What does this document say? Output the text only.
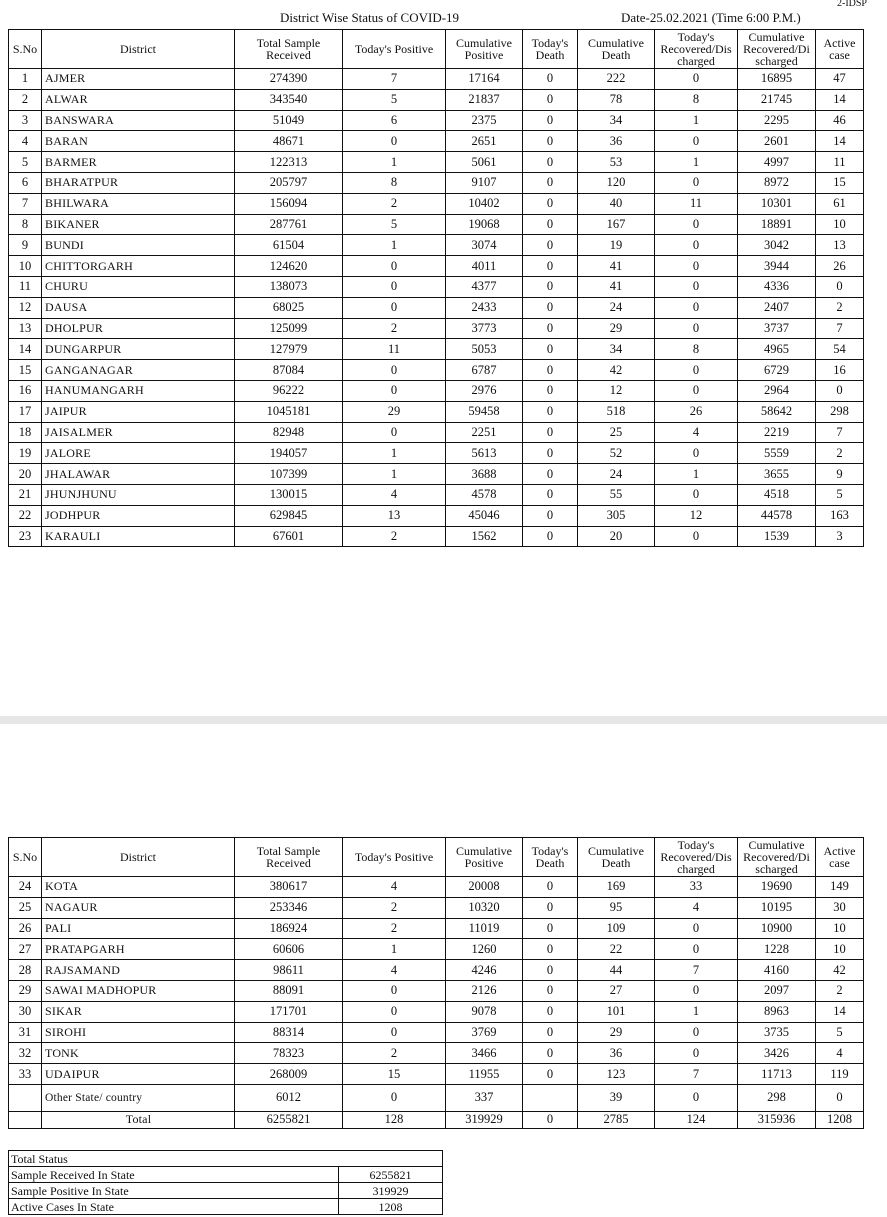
2-IDSP
District Wise Status of COVID-19	Date-25.02.2021 (Time 6:00 P.M.)
S.No	District	Total Sample Received	Today's Positive	Cumulative Positive	Today's Death	Cumulative Death	Today's Recovered/Dis charged	Cumulative Recovered/Di scharged	Active case
1	AJMER	274390	7	17164	0	222	0	16895	47
2	ALWAR	343540	5	21837	0	78	8	21745	14
3	BANSWARA	51049	6	2375	0	34	1	2295	46
4	BARAN	48671	0	2651	0	36	0	2601	14
5	BARMER	122313	1	5061	0	53	1	4997	11
6	BHARATPUR	205797	8	9107	0	120	0	8972	15
7	BHILWARA	156094	2	10402	0	40	11	10301	61
8	BIKANER	287761	5	19068	0	167	0	18891	10
9	BUNDI	61504	1	3074	0	19	0	3042	13
10	CHITTORGARH	124620	0	4011	0	41	0	3944	26
11	CHURU	138073	0	4377	0	41	0	4336	0
12	DAUSA	68025	0	2433	0	24	0	2407	2
13	DHOLPUR	125099	2	3773	0	29	0	3737	7
14	DUNGARPUR	127979	11	5053	0	34	8	4965	54
15	GANGANAGAR	87084	0	6787	0	42	0	6729	16
16	HANUMANGARH	96222	0	2976	0	12	0	2964	0
17	JAIPUR	1045181	29	59458	0	518	26	58642	298
18	JAISALMER	82948	0	2251	0	25	4	2219	7
19	JALORE	194057	1	5613	0	52	0	5559	2
20	JHALAWAR	107399	1	3688	0	24	1	3655	9
21	JHUNJHUNU	130015	4	4578	0	55	0	4518	5
22	JODHPUR	629845	13	45046	0	305	12	44578	163
23	KARAULI	67601	2	1562	0	20	0	1539	3
S.No	District	Total Sample Received	Today's Positive	Cumulative Positive	Today's Death	Cumulative Death	Today's Recovered/Dis charged	Cumulative Recovered/Di scharged	Active case
24	KOTA	380617	4	20008	0	169	33	19690	149
25	NAGAUR	253346	2	10320	0	95	4	10195	30
26	PALI	186924	2	11019	0	109	0	10900	10
27	PRATAPGARH	60606	1	1260	0	22	0	1228	10
28	RAJSAMAND	98611	4	4246	0	44	7	4160	42
29	SAWAI MADHOPUR	88091	0	2126	0	27	0	2097	2
30	SIKAR	171701	0	9078	0	101	1	8963	14
31	SIROHI	88314	0	3769	0	29	0	3735	5
32	TONK	78323	2	3466	0	36	0	3426	4
33	UDAIPUR	268009	15	11955	0	123	7	11713	119
	Other State/ country	6012	0	337		39	0	298	0
	Total	6255821	128	319929	0	2785	124	315936	1208
Total Status	
Sample Received In State	6255821
Sample Positive In State	319929
Active Cases In State	1208
